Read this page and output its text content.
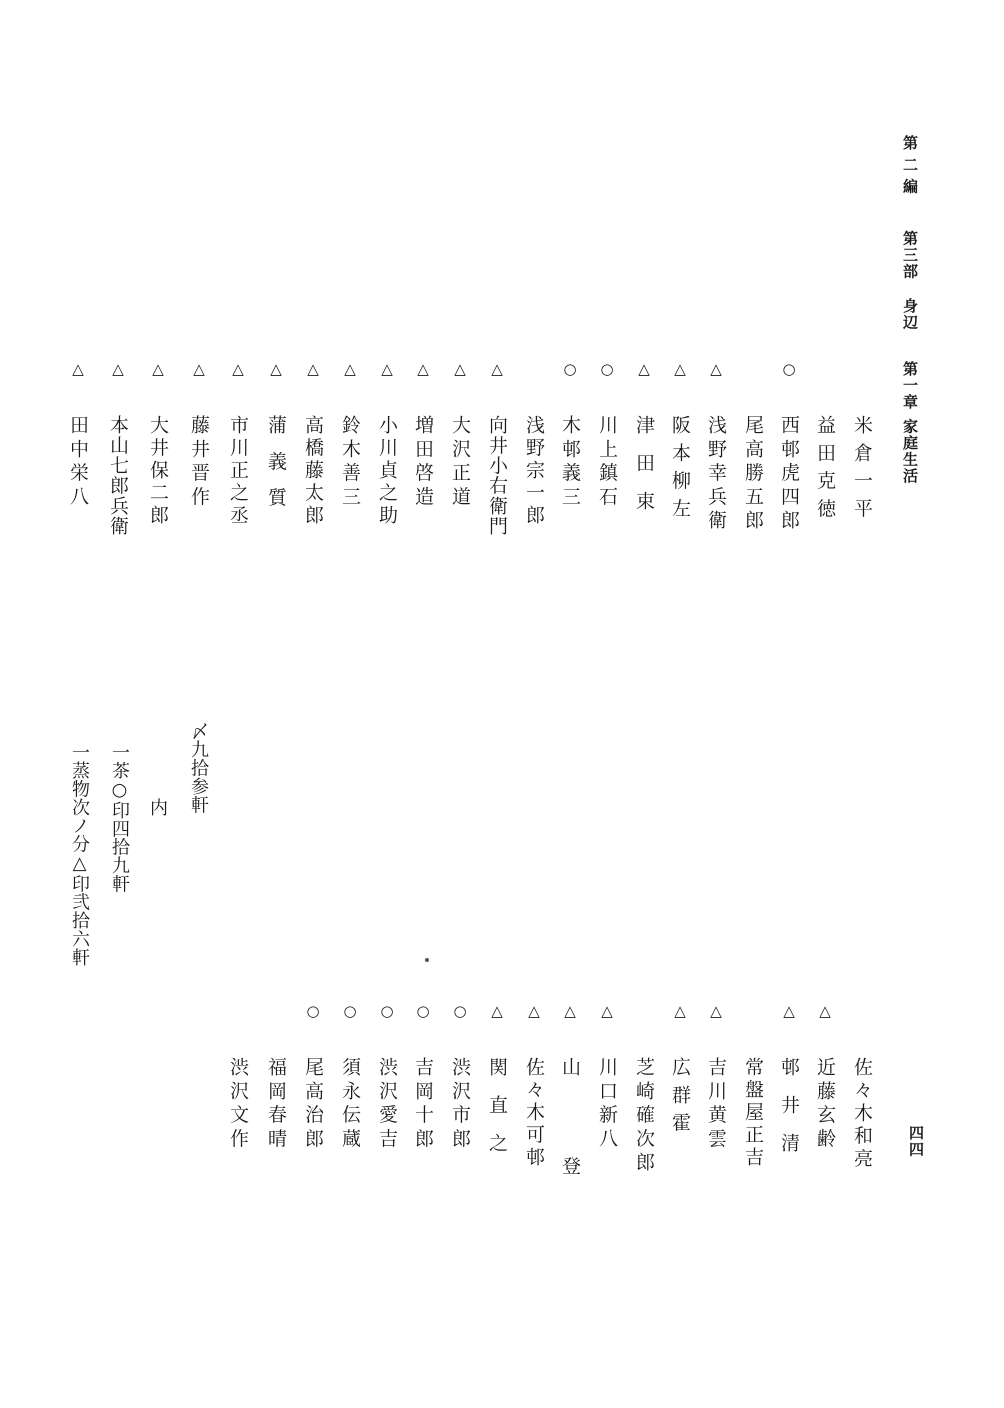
第二編第三部身辺第一章家庭生活
四四
米倉一平
益田克徳
○
西邨虎四郎
尾高勝五郎
△
浅野幸兵衛
△
阪本柳左
△
津田束
○
川上鎮石
○
木邨義三
浅野宗一郎
△
向井小右衛門
△
大沢正道
△
増田啓造
△
小川貞之助
△
鈴木善三
△
高橋藤太郎
△
蒲義質
△
市川正之丞
△
藤井晋作
△
大井保二郎
△
本山七郎兵衛
△
田中栄八
〆九拾参軒
内
一茶○印四拾九軒
一蒸物次ノ分△印弐拾六軒
佐々木和亮
△
近藤玄齢
△
邨井清
常盤屋正吉
△
吉川黄雲
△
広群霍
芝崎確次郎
△
川口新八
△
山登
△
佐々木可邨
△
関直之
○
渋沢市郎
○
吉岡十郎
○
渋沢愛吉
○
須永伝蔵
○
尾高治郎
福岡春晴
渋沢文作
